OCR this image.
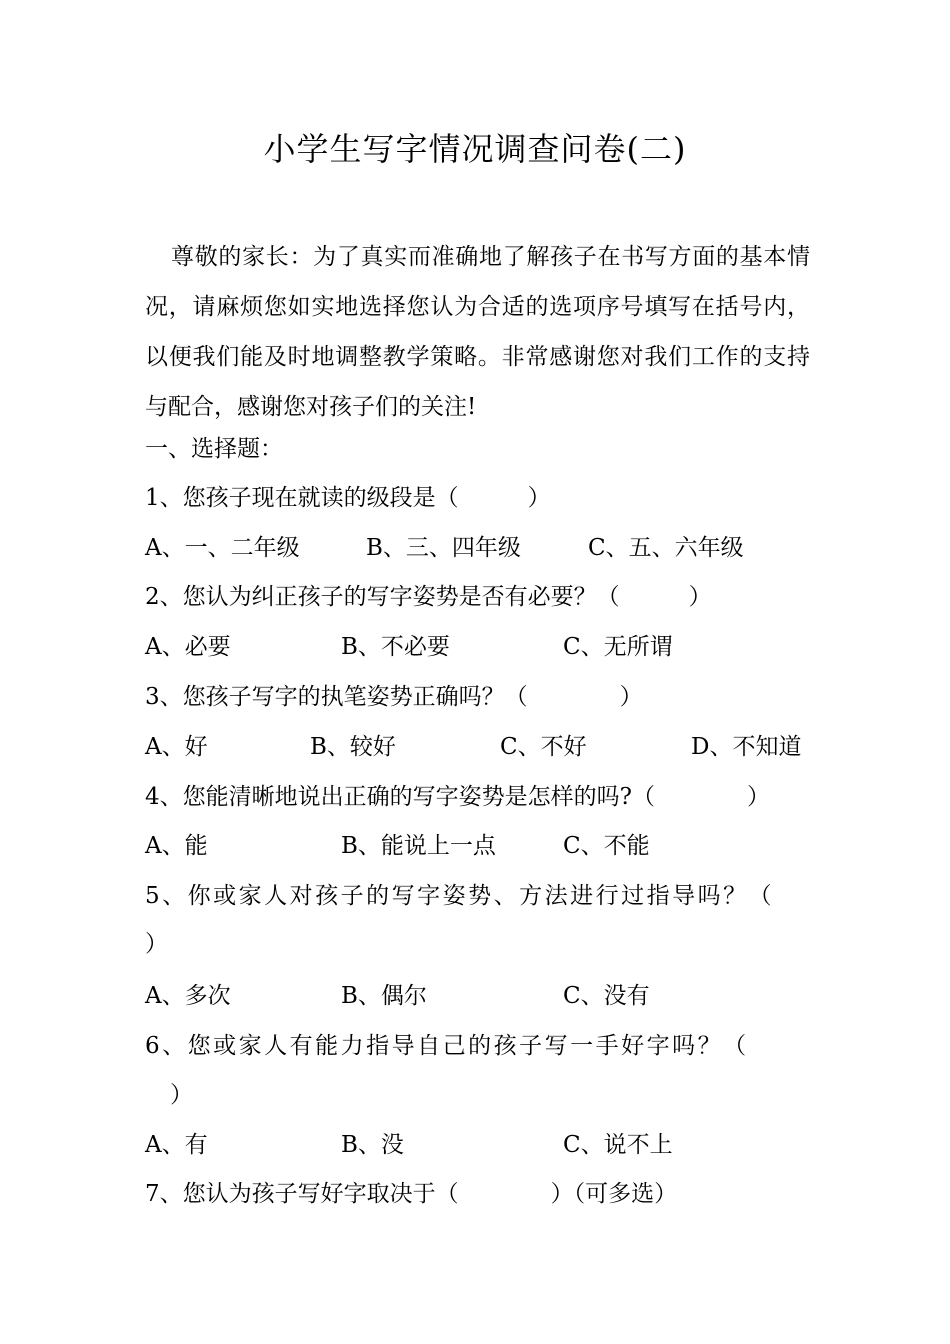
小学生写字情况调查问卷(二)
尊敬的家长：为了真实而准确地了解孩子在书写方面的基本情况，请麻烦您如实地选择您认为合适的选项序号填写在括号内，以便我们能及时地调整教学策略。非常感谢您对我们工作的支持与配合，感谢您对孩子们的关注!
一、选择题：
1、您孩子现在就读的级段是（　　　）
A、一、二年级	B、三、四年级	C、五、六年级
2、您认为纠正孩子的写字姿势是否有必要？（　　　）
A、必要	B、不必要	C、无所谓
3、您孩子写字的执笔姿势正确吗？（　　　　）
A、好	B、较好	C、不好	D、不知道
4、您能清晰地说出正确的写字姿势是怎样的吗?（　　　　）
A、能	B、能说上一点	C、不能
5、你或家人对孩子的写字姿势、方法进行过指导吗？（
）
A、多次	B、偶尔	C、没有
6、您或家人有能力指导自己的孩子写一手好字吗？（
）
A、有	B、没	C、说不上
7、您认为孩子写好字取决于（　　　　）（可多选）
